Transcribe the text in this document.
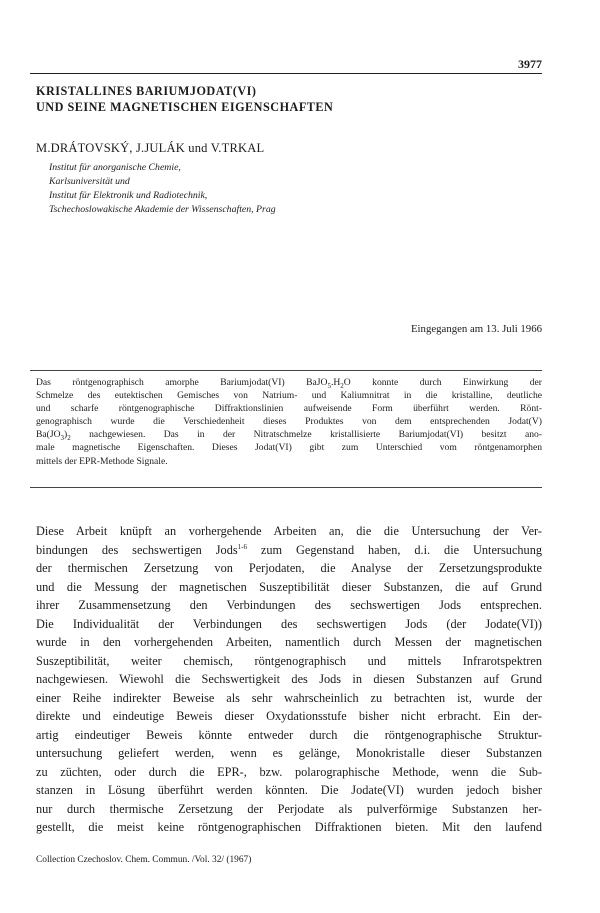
3977
KRISTALLINES BARIUMJODAT(VI)
UND SEINE MAGNETISCHEN EIGENSCHAFTEN
M.DRÁTOVSKÝ, J.JULÁK und V.TRKAL
Institut für anorganische Chemie,
Karlsuniversität und
Institut für Elektronik und Radiotechnik,
Tschechoslowakische Akademie der Wissenschaften, Prag
Eingegangen am 13. Juli 1966
Das röntgenographisch amorphe Bariumjodat(VI) $BaJO_5.H_2O$ konnte durch Einwirkung der
Schmelze des eutektischen Gemisches von Natrium- und Kaliumnitrat in die kristalline, deutliche
und scharfe röntgenographische Diffraktionslinien aufweisende Form überführt werden. Rönt-
genographisch wurde die Verschiedenheit dieses Produktes von dem entsprechenden Jodat(V)
$Ba(JO_3)_2$ nachgewiesen. Das in der Nitratschmelze kristallisierte Bariumjodat(VI) besitzt ano-
male magnetische Eigenschaften. Dieses Jodat(VI) gibt zum Unterschied vom röntgenamorphen
mittels der EPR-Methode Signale.
Diese Arbeit knüpft an vorhergehende Arbeiten an, die die Untersuchung der Ver-
bindungen des sechswertigen Jods$^{1-6}$ zum Gegenstand haben, d.i. die Untersuchung
der thermischen Zersetzung von Perjodaten, die Analyse der Zersetzungsprodukte
und die Messung der magnetischen Suszeptibilität dieser Substanzen, die auf Grund
ihrer Zusammensetzung den Verbindungen des sechswertigen Jods entsprechen.
Die Individualität der Verbindungen des sechswertigen Jods (der Jodate(VI))
wurde in den vorhergehenden Arbeiten, namentlich durch Messen der magnetischen
Suszeptibilität, weiter chemisch, röntgenographisch und mittels Infrarotspektren
nachgewiesen. Wiewohl die Sechswertigkeit des Jods in diesen Substanzen auf Grund
einer Reihe indirekter Beweise als sehr wahrscheinlich zu betrachten ist, wurde der
direkte und eindeutige Beweis dieser Oxydationsstufe bisher nicht erbracht. Ein der-
artig eindeutiger Beweis könnte entweder durch die röntgenographische Struktur-
untersuchung geliefert werden, wenn es gelänge, Monokristalle dieser Substanzen
zu züchten, oder durch die EPR-, bzw. polarographische Methode, wenn die Sub-
stanzen in Lösung überführt werden könnten. Die Jodate(VI) wurden jedoch bisher
nur durch thermische Zersetzung der Perjodate als pulverförmige Substanzen her-
gestellt, die meist keine röntgenographischen Diffraktionen bieten. Mit den laufend
Collection Czechoslov. Chem. Commun. /Vol. 32/ (1967)
